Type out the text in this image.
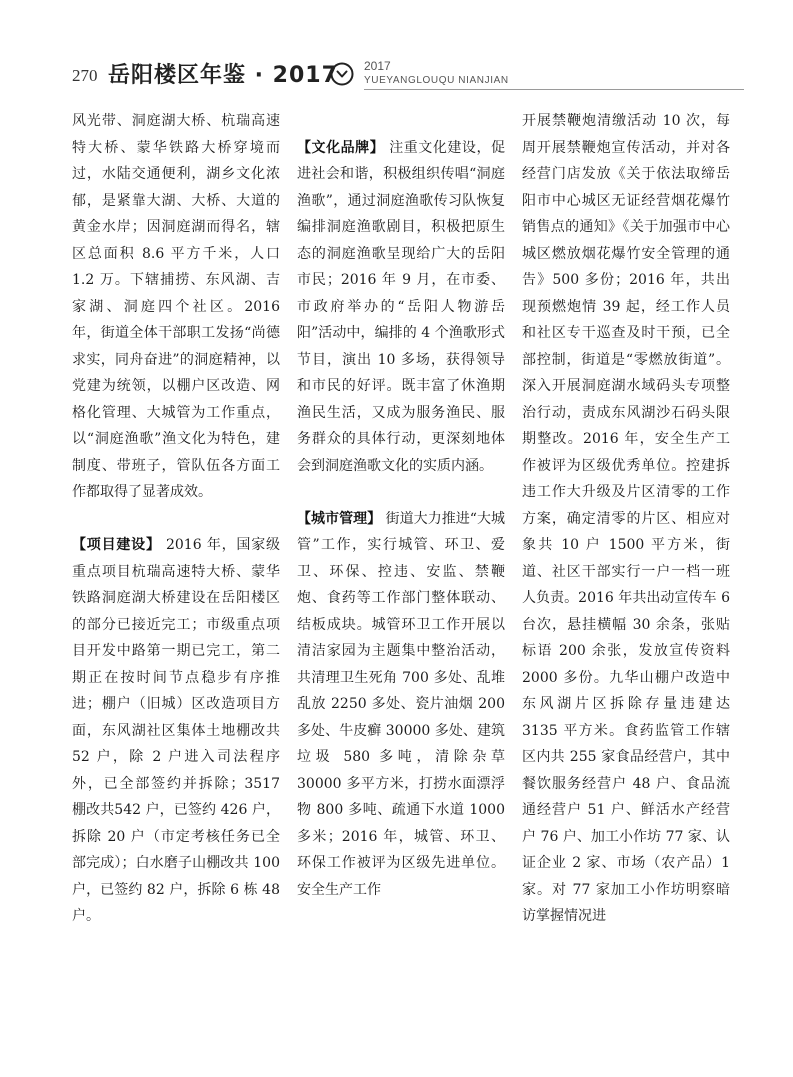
270 岳阳楼区年鉴 · 2017 2017
YUEYANGLOUQU NIANJIAN

风光带、洞庭湖大桥、杭瑞高速特大桥、蒙华铁路大桥穿境而过，水陆交通便利，湖乡文化浓郁，是紧靠大湖、大桥、大道的黄金水岸；因洞庭湖而得名，辖区总面积 8.6 平方千米，人口 1.2 万。下辖捕捞、东风湖、吉家湖、洞庭四个社区。2016 年，街道全体干部职工发扬“尚德求实，同舟奋进”的洞庭精神，以党建为统领，以棚户区改造、网格化管理、大城管为工作重点，以“洞庭渔歌”渔文化为特色，建制度、带班子，管队伍各方面工作都取得了显著成效。

【项目建设】 2016 年，国家级重点项目杭瑞高速特大桥、蒙华铁路洞庭湖大桥建设在岳阳楼区的部分已接近完工；市级重点项目开发中路第一期已完工，第二期正在按时间节点稳步有序推进；棚户（旧城）区改造项目方面，东风湖社区集体土地棚改共 52 户，除 2 户进入司法程序外，已全部签约并拆除；3517 棚改共542 户，已签约 426 户，拆除 20 户（市定考核任务已全部完成）；白水磨子山棚改共 100 户，已签约 82 户，拆除 6 栋 48 户。

【文化品牌】 注重文化建设，促进社会和谐，积极组织传唱“洞庭渔歌”，通过洞庭渔歌传习队恢复编排洞庭渔歌剧目，积极把原生态的洞庭渔歌呈现给广大的岳阳市民；2016 年 9 月，在市委、市政府举办的“岳阳人物游岳阳”活动中，编排的 4 个渔歌形式节目，演出 10 多场，获得领导和市民的好评。既丰富了休渔期渔民生活，又成为服务渔民、服务群众的具体行动，更深刻地体会到洞庭渔歌文化的实质内涵。

【城市管理】 街道大力推进“大城管”工作，实行城管、环卫、爱卫、环保、控违、安监、禁鞭炮、食药等工作部门整体联动、结板成块。城管环卫工作开展以清洁家园为主题集中整治活动，共清理卫生死角 700 多处、乱堆乱放 2250 多处、瓷片油烟 200 多处、牛皮癣 30000 多处、建筑垃圾 580 多吨，清除杂草 30000 多平方米，打捞水面漂浮物 800 多吨、疏通下水道 1000 多米；2016 年，城管、环卫、环保工作被评为区级先进单位。安全生产工作

开展禁鞭炮清缴活动 10 次，每周开展禁鞭炮宣传活动，并对各经营门店发放《关于依法取缔岳阳市中心城区无证经营烟花爆竹销售点的通知》《关于加强市中心城区燃放烟花爆竹安全管理的通告》500 多份；2016 年，共出现预燃炮情 39 起，经工作人员和社区专干巡查及时干预，已全部控制，街道是“零燃放街道”。深入开展洞庭湖水域码头专项整治行动，责成东风湖沙石码头限期整改。2016 年，安全生产工作被评为区级优秀单位。控建拆违工作大升级及片区清零的工作方案，确定清零的片区、相应对象共 10 户 1500 平方米，街道、社区干部实行一户一档一班人负责。2016 年共出动宣传车 6 台次，悬挂横幅 30 余条，张贴标语 200 余张，发放宣传资料 2000 多份。九华山棚户改造中东风湖片区拆除存量违建达 3135 平方米。食药监管工作辖区内共 255 家食品经营户，其中餐饮服务经营户 48 户、食品流通经营户 51 户、鲜活水产经营户 76 户、加工小作坊 77 家、认证企业 2 家、市场（农产品）1 家。对 77 家加工小作坊明察暗访掌握情况进
